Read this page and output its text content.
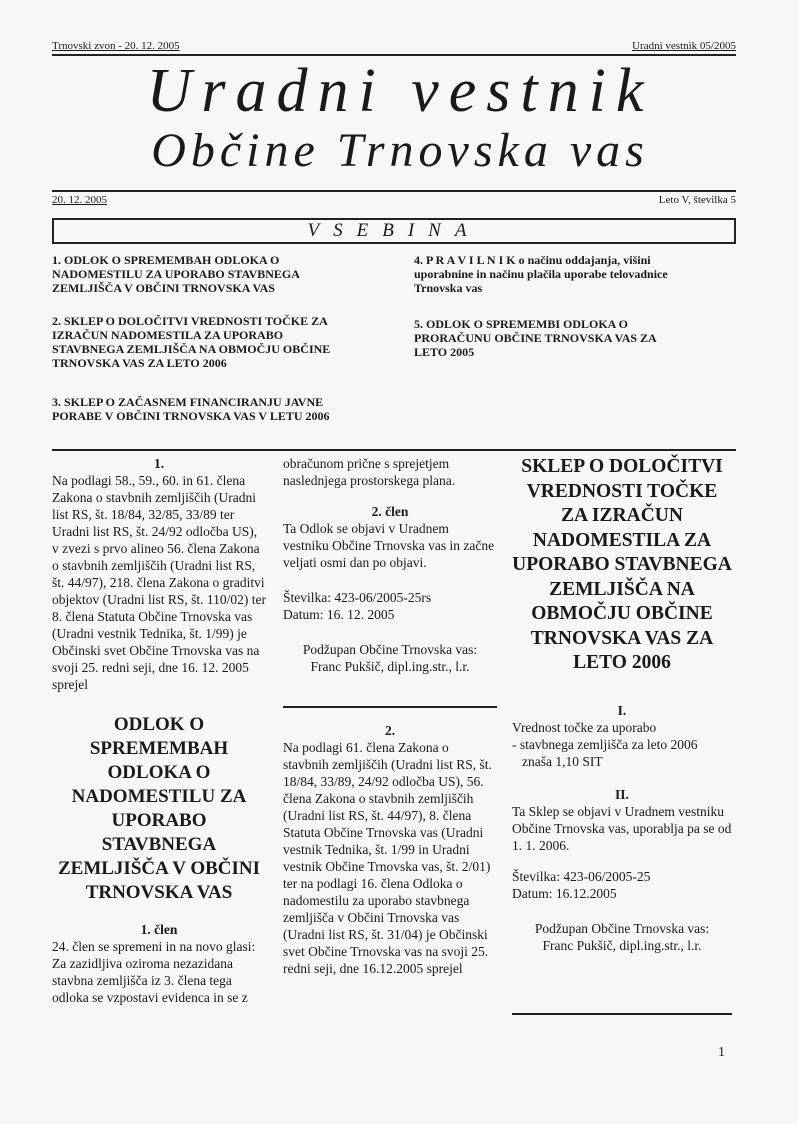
Trnovski zvon - 20. 12. 2005	Uradni vestnik 05/2005
Uradni vestnik
Občine Trnovska vas
20. 12. 2005	Leto V, številka 5
VSEBINA
1. ODLOK O SPREMEMBAH ODLOKA O NADOMESTILU ZA UPORABO STAVBNEGA ZEMLJIŠČA V OBČINI TRNOVSKA VAS
2. SKLEP O DOLOČITVI VREDNOSTI TOČKE ZA IZRAČUN NADOMESTILA ZA UPORABO STAVBNEGA ZEMLJIŠČA NA OBMOČJU OBČINE TRNOVSKA VAS ZA LETO 2006
3. SKLEP O ZAČASNEM FINANCIRANJU JAVNE PORABE V OBČINI TRNOVSKA VAS V LETU 2006
4. P R A V I L N I K o načinu oddajanja, višini uporabnine in načinu plačila uporabe telovadnice Trnovska vas
5. ODLOK O SPREMEMBI ODLOKA O PRORAČUNU OBČINE TRNOVSKA VAS ZA LETO 2005

1.

Na podlagi 58., 59., 60. in 61. člena Zakona o stavbnih zemljiščih (Uradni list RS, št. 18/84, 32/85, 33/89 ter Uradni list RS, št. 24/92 odločba US), v zvezi s prvo alineo 56. člena Zakona o stavbnih zemljiščih (Uradni list RS, št. 44/97), 218. člena Zakona o graditvi objektov (Uradni list RS, št. 110/02) ter 8. člena Statuta Občine Trnovska vas (Uradni vestnik Tednika, št. 1/99) je Občinski svet Občine Trnovska vas na svoji 25. redni seji, dne 16. 12. 2005 sprejel

ODLOK O SPREMEMBAH ODLOKA O NADOMESTILU ZA UPORABO STAVBNEGA ZEMLJIŠČA V OBČINI TRNOVSKA VAS

1. člen

24. člen se spremeni in na novo glasi:

Za zazidljiva oziroma nezazidana stavbna zemljišča iz 3. člena tega odloka se vzpostavi evidenca in se z

obračunom prične s sprejetjem naslednjega prostorskega plana.

2. člen

Ta Odlok se objavi v Uradnem vestniku Občine Trnovska vas in začne veljati osmi dan po objavi.

Številka: 423-06/2005-25rs

Datum: 16. 12. 2005

Podžupan Občine Trnovska vas:

Franc Pukšič, dipl.ing.str., l.r.

2.

Na podlagi 61. člena Zakona o stavbnih zemljiščih (Uradni list RS, št. 18/84, 33/89, 24/92 odločba US), 56. člena Zakona o stavbnih zemljiščih (Uradni list RS, št. 44/97), 8. člena Statuta Občine Trnovska vas (Uradni vestnik Tednika, št. 1/99 in Uradni vestnik Občine Trnovska vas, št. 2/01) ter na podlagi 16. člena Odloka o nadomestilu za uporabo stavbnega zemljišča v Občini Trnovska vas (Uradni list RS, št. 31/04) je Občinski svet Občine Trnovska vas na svoji 25. redni seji, dne 16.12.2005 sprejel

SKLEP O DOLOČITVI VREDNOSTI TOČKE ZA IZRAČUN NADOMESTILA ZA UPORABO STAVBNEGA ZEMLJIŠČA NA OBMOČJU OBČINE TRNOVSKA VAS ZA LETO 2006

I.

Vrednost točke za uporabo

- stavbnega zemljišča za leto 2006

znaša 1,10 SIT

II.

Ta Sklep se objavi v Uradnem vestniku Občine Trnovska vas, uporablja pa se od 1. 1. 2006.

Številka: 423-06/2005-25

Datum: 16.12.2005

Podžupan Občine Trnovska vas:

Franc Pukšič, dipl.ing.str., l.r.

1
